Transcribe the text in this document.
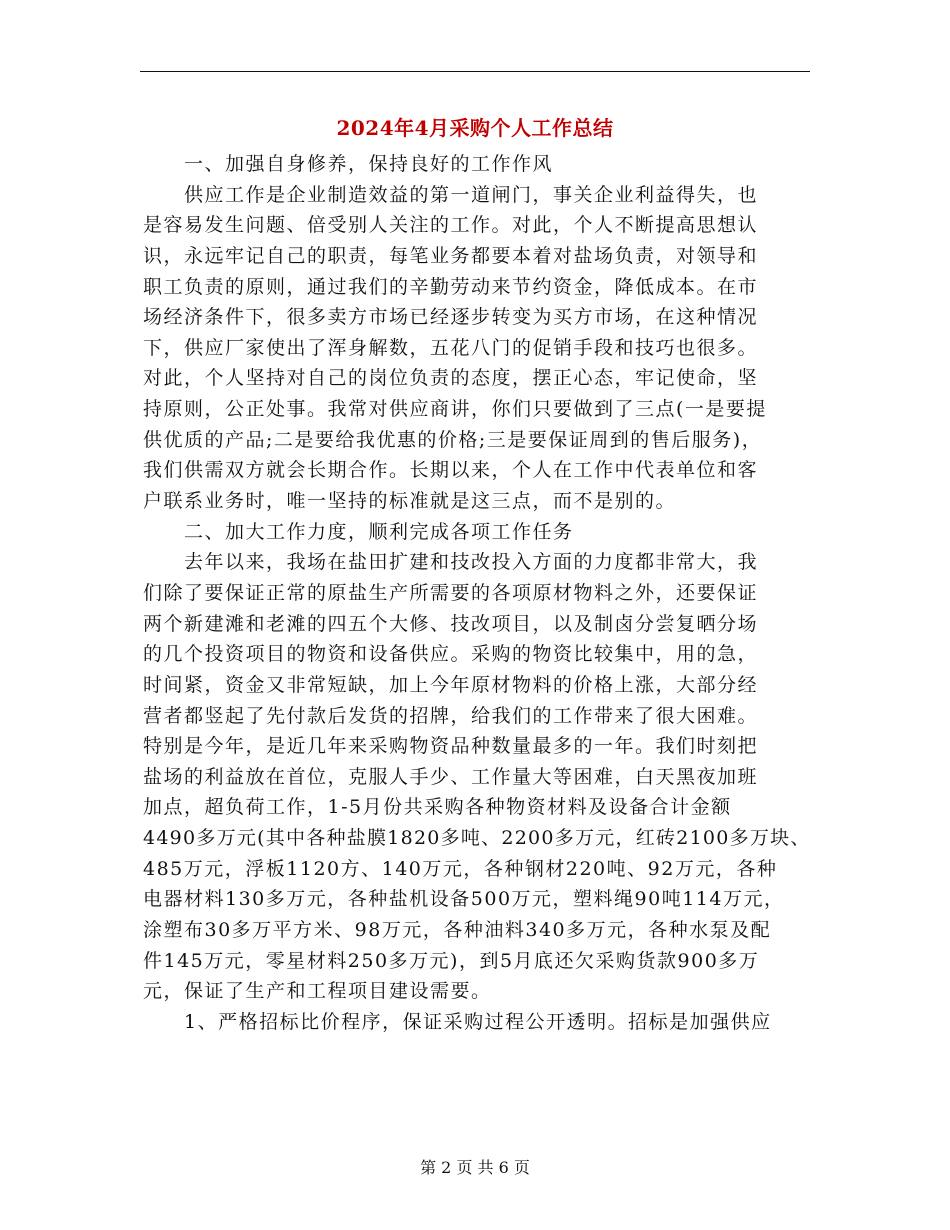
2024年4月采购个人工作总结
　　一、加强自身修养，保持良好的工作作风
　　供应工作是企业制造效益的第一道闸门，事关企业利益得失，也
是容易发生问题、倍受别人关注的工作。对此，个人不断提高思想认
识，永远牢记自己的职责，每笔业务都要本着对盐场负责，对领导和
职工负责的原则，通过我们的辛勤劳动来节约资金，降低成本。在市
场经济条件下，很多卖方市场已经逐步转变为买方市场，在这种情况
下，供应厂家使出了浑身解数，五花八门的促销手段和技巧也很多。
对此，个人坚持对自己的岗位负责的态度，摆正心态，牢记使命，坚
持原则，公正处事。我常对供应商讲，你们只要做到了三点(一是要提
供优质的产品;二是要给我优惠的价格;三是要保证周到的售后服务)，
我们供需双方就会长期合作。长期以来，个人在工作中代表单位和客
户联系业务时，唯一坚持的标准就是这三点，而不是别的。
　　二、加大工作力度，顺利完成各项工作任务
　　去年以来，我场在盐田扩建和技改投入方面的力度都非常大，我
们除了要保证正常的原盐生产所需要的各项原材物料之外，还要保证
两个新建滩和老滩的四五个大修、技改项目，以及制卤分尝复晒分场
的几个投资项目的物资和设备供应。采购的物资比较集中，用的急，
时间紧，资金又非常短缺，加上今年原材物料的价格上涨，大部分经
营者都竖起了先付款后发货的招牌，给我们的工作带来了很大困难。
特别是今年，是近几年来采购物资品种数量最多的一年。我们时刻把
盐场的利益放在首位，克服人手少、工作量大等困难，白天黑夜加班
加点，超负荷工作，1-5月份共采购各种物资材料及设备合计金额
4490多万元(其中各种盐膜1820多吨、2200多万元，红砖2100多万块、
485万元，浮板1120方、140万元，各种钢材220吨、92万元，各种
电器材料130多万元，各种盐机设备500万元，塑料绳90吨114万元，
涂塑布30多万平方米、98万元，各种油料340多万元，各种水泵及配
件145万元，零星材料250多万元)，到5月底还欠采购货款900多万
元，保证了生产和工程项目建设需要。
　　1、严格招标比价程序，保证采购过程公开透明。招标是加强供应
第 2 页 共 6 页
